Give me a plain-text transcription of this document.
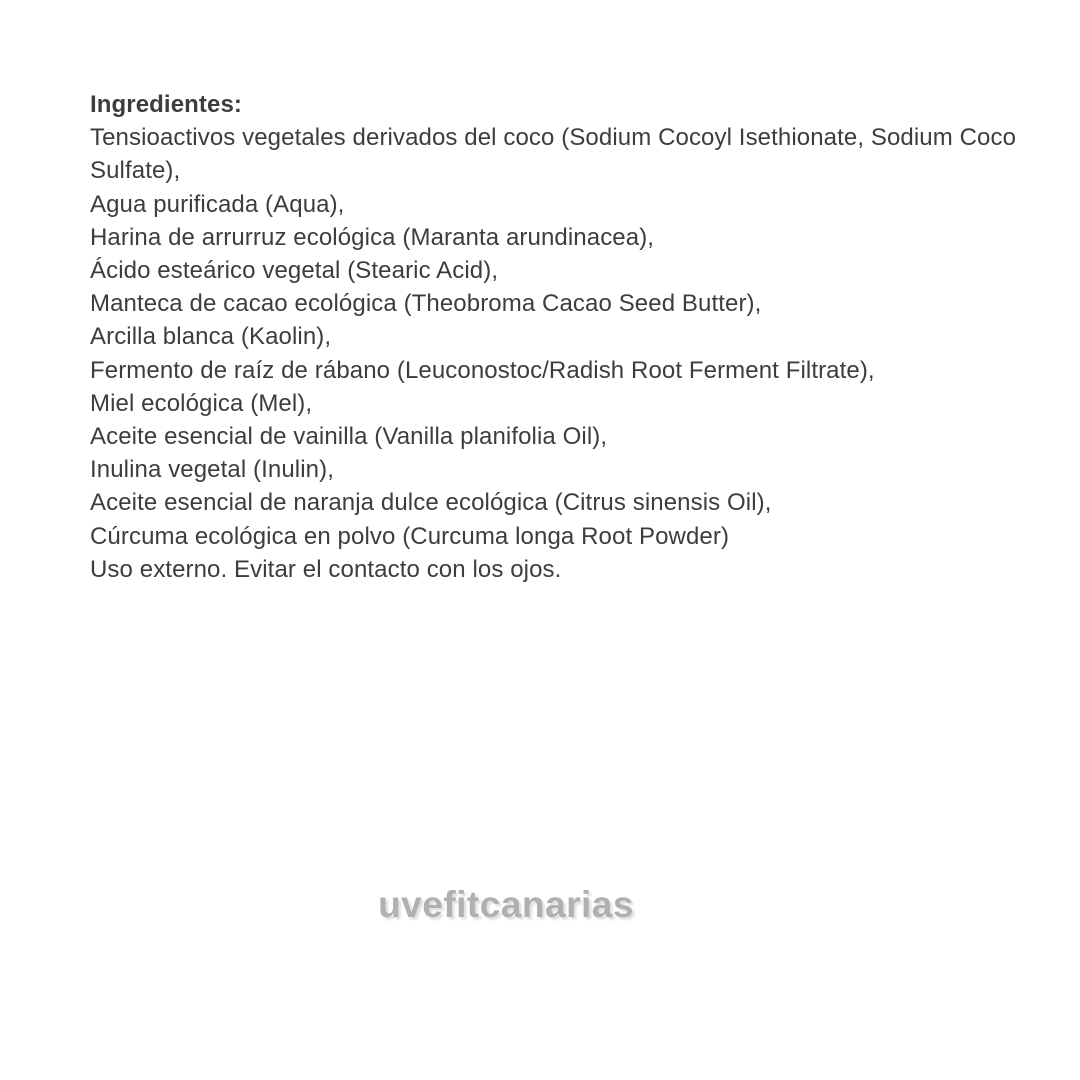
Ingredientes:
Tensioactivos vegetales derivados del coco (Sodium Cocoyl Isethionate, Sodium Coco
Sulfate),
Agua purificada (Aqua),
Harina de arrurruz ecológica (Maranta arundinacea),
Ácido esteárico vegetal (Stearic Acid),
Manteca de cacao ecológica (Theobroma Cacao Seed Butter),
Arcilla blanca (Kaolin),
Fermento de raíz de rábano (Leuconostoc/Radish Root Ferment Filtrate),
Miel ecológica (Mel),
Aceite esencial de vainilla (Vanilla planifolia Oil),
Inulina vegetal (Inulin),
Aceite esencial de naranja dulce ecológica (Citrus sinensis Oil),
Cúrcuma ecológica en polvo (Curcuma longa Root Powder)
Uso externo. Evitar el contacto con los ojos.
uvefitcanarias
